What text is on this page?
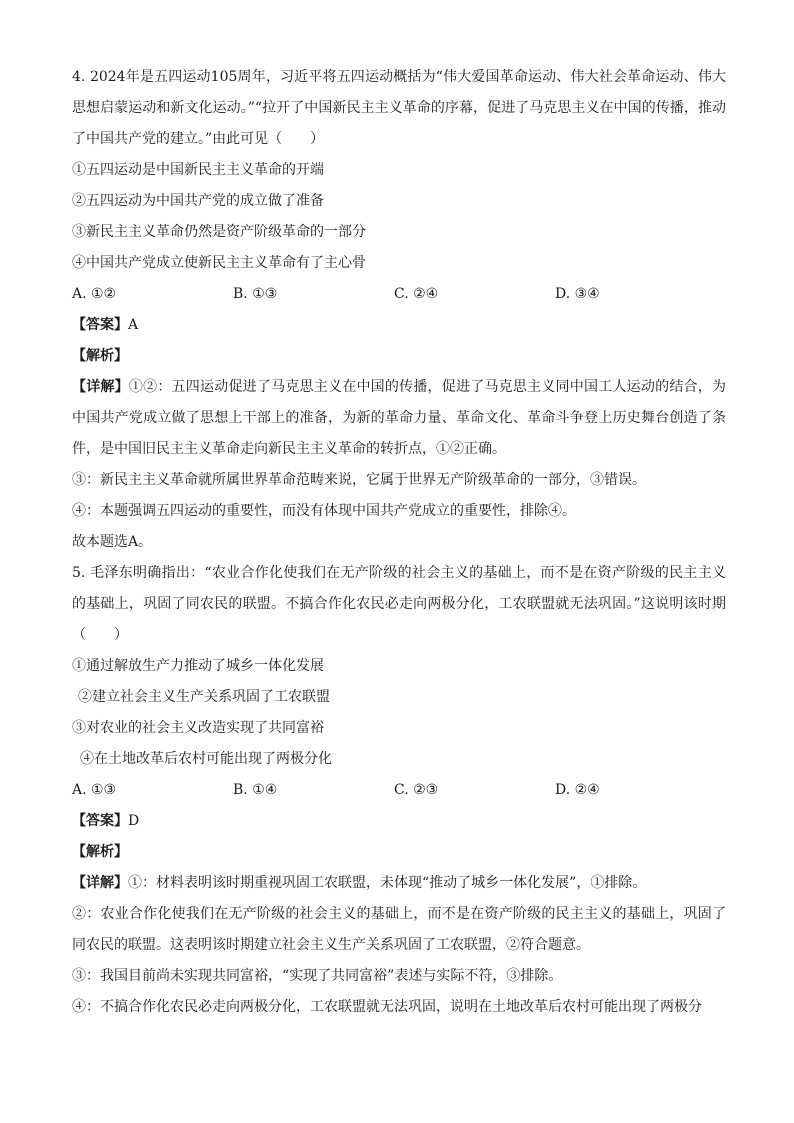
4. 2024年是五四运动105周年，习近平将五四运动概括为“伟大爱国革命运动、伟大社会革命运动、伟大思想启蒙运动和新文化运动。”“拉开了中国新民主主义革命的序幕，促进了马克思主义在中国的传播，推动了中国共产党的建立。”由此可见（　　）
①五四运动是中国新民主主义革命的开端
②五四运动为中国共产党的成立做了准备
③新民主主义革命仍然是资产阶级革命的一部分
④中国共产党成立使新民主主义革命有了主心骨
A. ①②	B. ①③	C. ②④	D. ③④
【答案】A
【解析】
【详解】①②：五四运动促进了马克思主义在中国的传播，促进了马克思主义同中国工人运动的结合，为中国共产党成立做了思想上干部上的准备，为新的革命力量、革命文化、革命斗争登上历史舞台创造了条件，是中国旧民主主义革命走向新民主主义革命的转折点，①②正确。
③：新民主主义革命就所属世界革命范畴来说，它属于世界无产阶级革命的一部分，③错误。
④：本题强调五四运动的重要性，而没有体现中国共产党成立的重要性，排除④。
故本题选A。
5. 毛泽东明确指出：“农业合作化使我们在无产阶级的社会主义的基础上，而不是在资产阶级的民主主义的基础上，巩固了同农民的联盟。不搞合作化农民必走向两极分化，工农联盟就无法巩固。”这说明该时期（　　）
①通过解放生产力推动了城乡一体化发展
②建立社会主义生产关系巩固了工农联盟
③对农业的社会主义改造实现了共同富裕
④在土地改革后农村可能出现了两极分化
A. ①③	B. ①④	C. ②③	D. ②④
【答案】D
【解析】
【详解】①：材料表明该时期重视巩固工农联盟，未体现“推动了城乡一体化发展”，①排除。
②：农业合作化使我们在无产阶级的社会主义的基础上，而不是在资产阶级的民主主义的基础上，巩固了同农民的联盟。这表明该时期建立社会主义生产关系巩固了工农联盟，②符合题意。
③：我国目前尚未实现共同富裕，“实现了共同富裕”表述与实际不符，③排除。
④：不搞合作化农民必走向两极分化，工农联盟就无法巩固，说明在土地改革后农村可能出现了两极分
